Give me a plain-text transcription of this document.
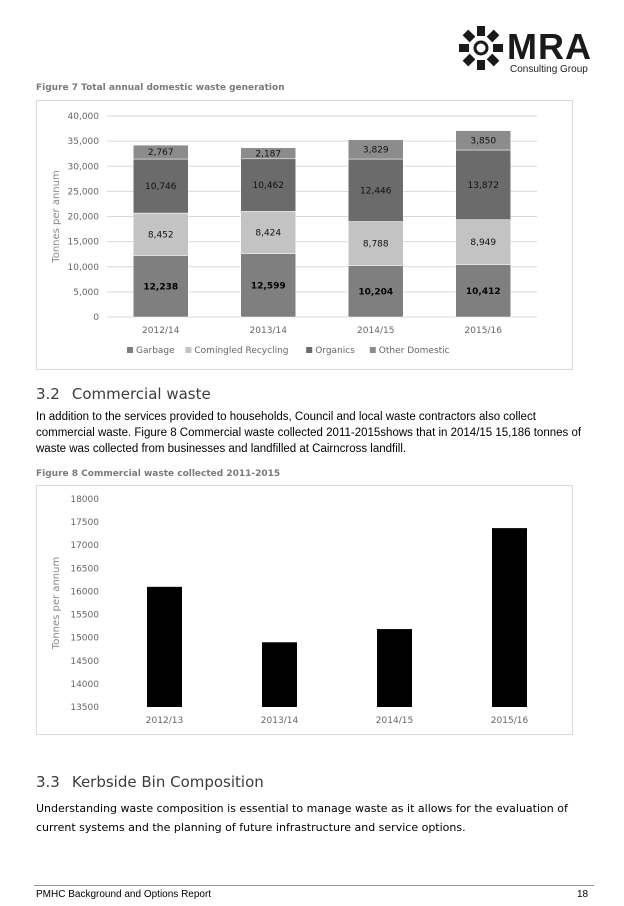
MRA
Consulting Group
Figure 7 Total annual domestic waste generation
0
5,000
10,000
15,000
20,000
25,000
30,000
35,000
40,000
Tonnes per annum
12,238
8,452
10,746
2,767
2012/14
12,599
8,424
10,462
2,187
2013/14
10,204
8,788
12,446
3,829
2014/15
10,412
8,949
13,872
3,850
2015/16
Garbage Comingled Recycling	Organics	Other Domestic
3.2 Commercial waste
In addition to the services provided to households, Council and local waste contractors also collect commercial waste. Figure 8 Commercial waste collected 2011-2015shows that in 2014/15 15,186 tonnes of waste was collected from businesses and landfilled at Cairncross landfill.
Figure 8 Commercial waste collected 2011-2015
13500
14000
14500
15000
15500
16000
16500
17000
17500
18000
Tonnes per annum
2012/13	2013/14	2014/15	2015/16
3.3 Kerbside Bin Composition
Understanding waste composition is essential to manage waste as it allows for the evaluation of current systems and the planning of future infrastructure and service options.
PMHC Background and Options Report	18
